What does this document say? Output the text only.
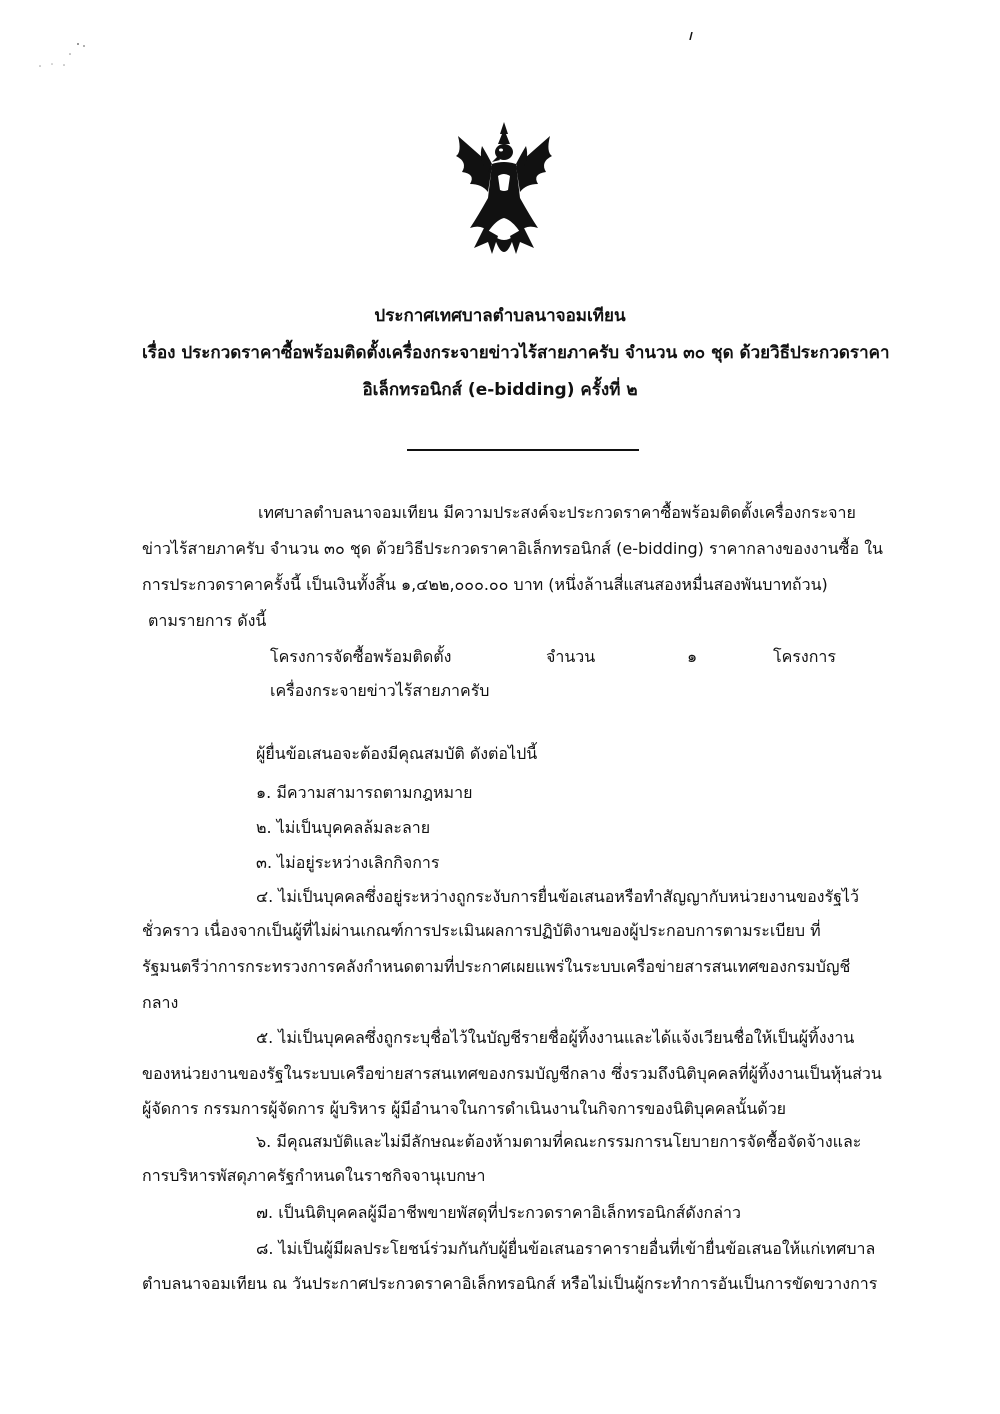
ประกาศเทศบาลตำบลนาจอมเทียน
เรื่อง ประกวดราคาซื้อพร้อมติดตั้งเครื่องกระจายข่าวไร้สายภาครับ จำนวน ๓๐ ชุด ด้วยวิธีประกวดราคา
อิเล็กทรอนิกส์ (e-bidding) ครั้งที่ ๒
เทศบาลตำบลนาจอมเทียน มีความประสงค์จะประกวดราคาซื้อพร้อมติดตั้งเครื่องกระจาย
ข่าวไร้สายภาครับ จำนวน ๓๐ ชุด ด้วยวิธีประกวดราคาอิเล็กทรอนิกส์ (e-bidding) ราคากลางของงานซื้อ ใน
การประกวดราคาครั้งนี้ เป็นเงินทั้งสิ้น ๑,๔๒๒,๐๐๐.๐๐ บาท (หนึ่งล้านสี่แสนสองหมื่นสองพันบาทถ้วน)
ตามรายการ ดังนี้
โครงการจัดซื้อพร้อมติดตั้ง	จำนวน	๑	โครงการ
เครื่องกระจายข่าวไร้สายภาครับ
ผู้ยื่นข้อเสนอจะต้องมีคุณสมบัติ ดังต่อไปนี้
๑. มีความสามารถตามกฎหมาย
๒. ไม่เป็นบุคคลล้มละลาย
๓. ไม่อยู่ระหว่างเลิกกิจการ
๔. ไม่เป็นบุคคลซึ่งอยู่ระหว่างถูกระงับการยื่นข้อเสนอหรือทำสัญญากับหน่วยงานของรัฐไว้
ชั่วคราว เนื่องจากเป็นผู้ที่ไม่ผ่านเกณฑ์การประเมินผลการปฏิบัติงานของผู้ประกอบการตามระเบียบ ที่
รัฐมนตรีว่าการกระทรวงการคลังกำหนดตามที่ประกาศเผยแพร่ในระบบเครือข่ายสารสนเทศของกรมบัญชี
กลาง
๕. ไม่เป็นบุคคลซึ่งถูกระบุชื่อไว้ในบัญชีรายชื่อผู้ทิ้งงานและได้แจ้งเวียนชื่อให้เป็นผู้ทิ้งงาน
ของหน่วยงานของรัฐในระบบเครือข่ายสารสนเทศของกรมบัญชีกลาง ซึ่งรวมถึงนิติบุคคลที่ผู้ทิ้งงานเป็นหุ้นส่วน
ผู้จัดการ กรรมการผู้จัดการ ผู้บริหาร ผู้มีอำนาจในการดำเนินงานในกิจการของนิติบุคคลนั้นด้วย
๖. มีคุณสมบัติและไม่มีลักษณะต้องห้ามตามที่คณะกรรมการนโยบายการจัดซื้อจัดจ้างและ
การบริหารพัสดุภาครัฐกำหนดในราชกิจจานุเบกษา
๗. เป็นนิติบุคคลผู้มีอาชีพขายพัสดุที่ประกวดราคาอิเล็กทรอนิกส์ดังกล่าว
๘. ไม่เป็นผู้มีผลประโยชน์ร่วมกันกับผู้ยื่นข้อเสนอราคารายอื่นที่เข้ายื่นข้อเสนอให้แก่เทศบาล
ตำบลนาจอมเทียน ณ วันประกาศประกวดราคาอิเล็กทรอนิกส์ หรือไม่เป็นผู้กระทำการอันเป็นการขัดขวางการ
